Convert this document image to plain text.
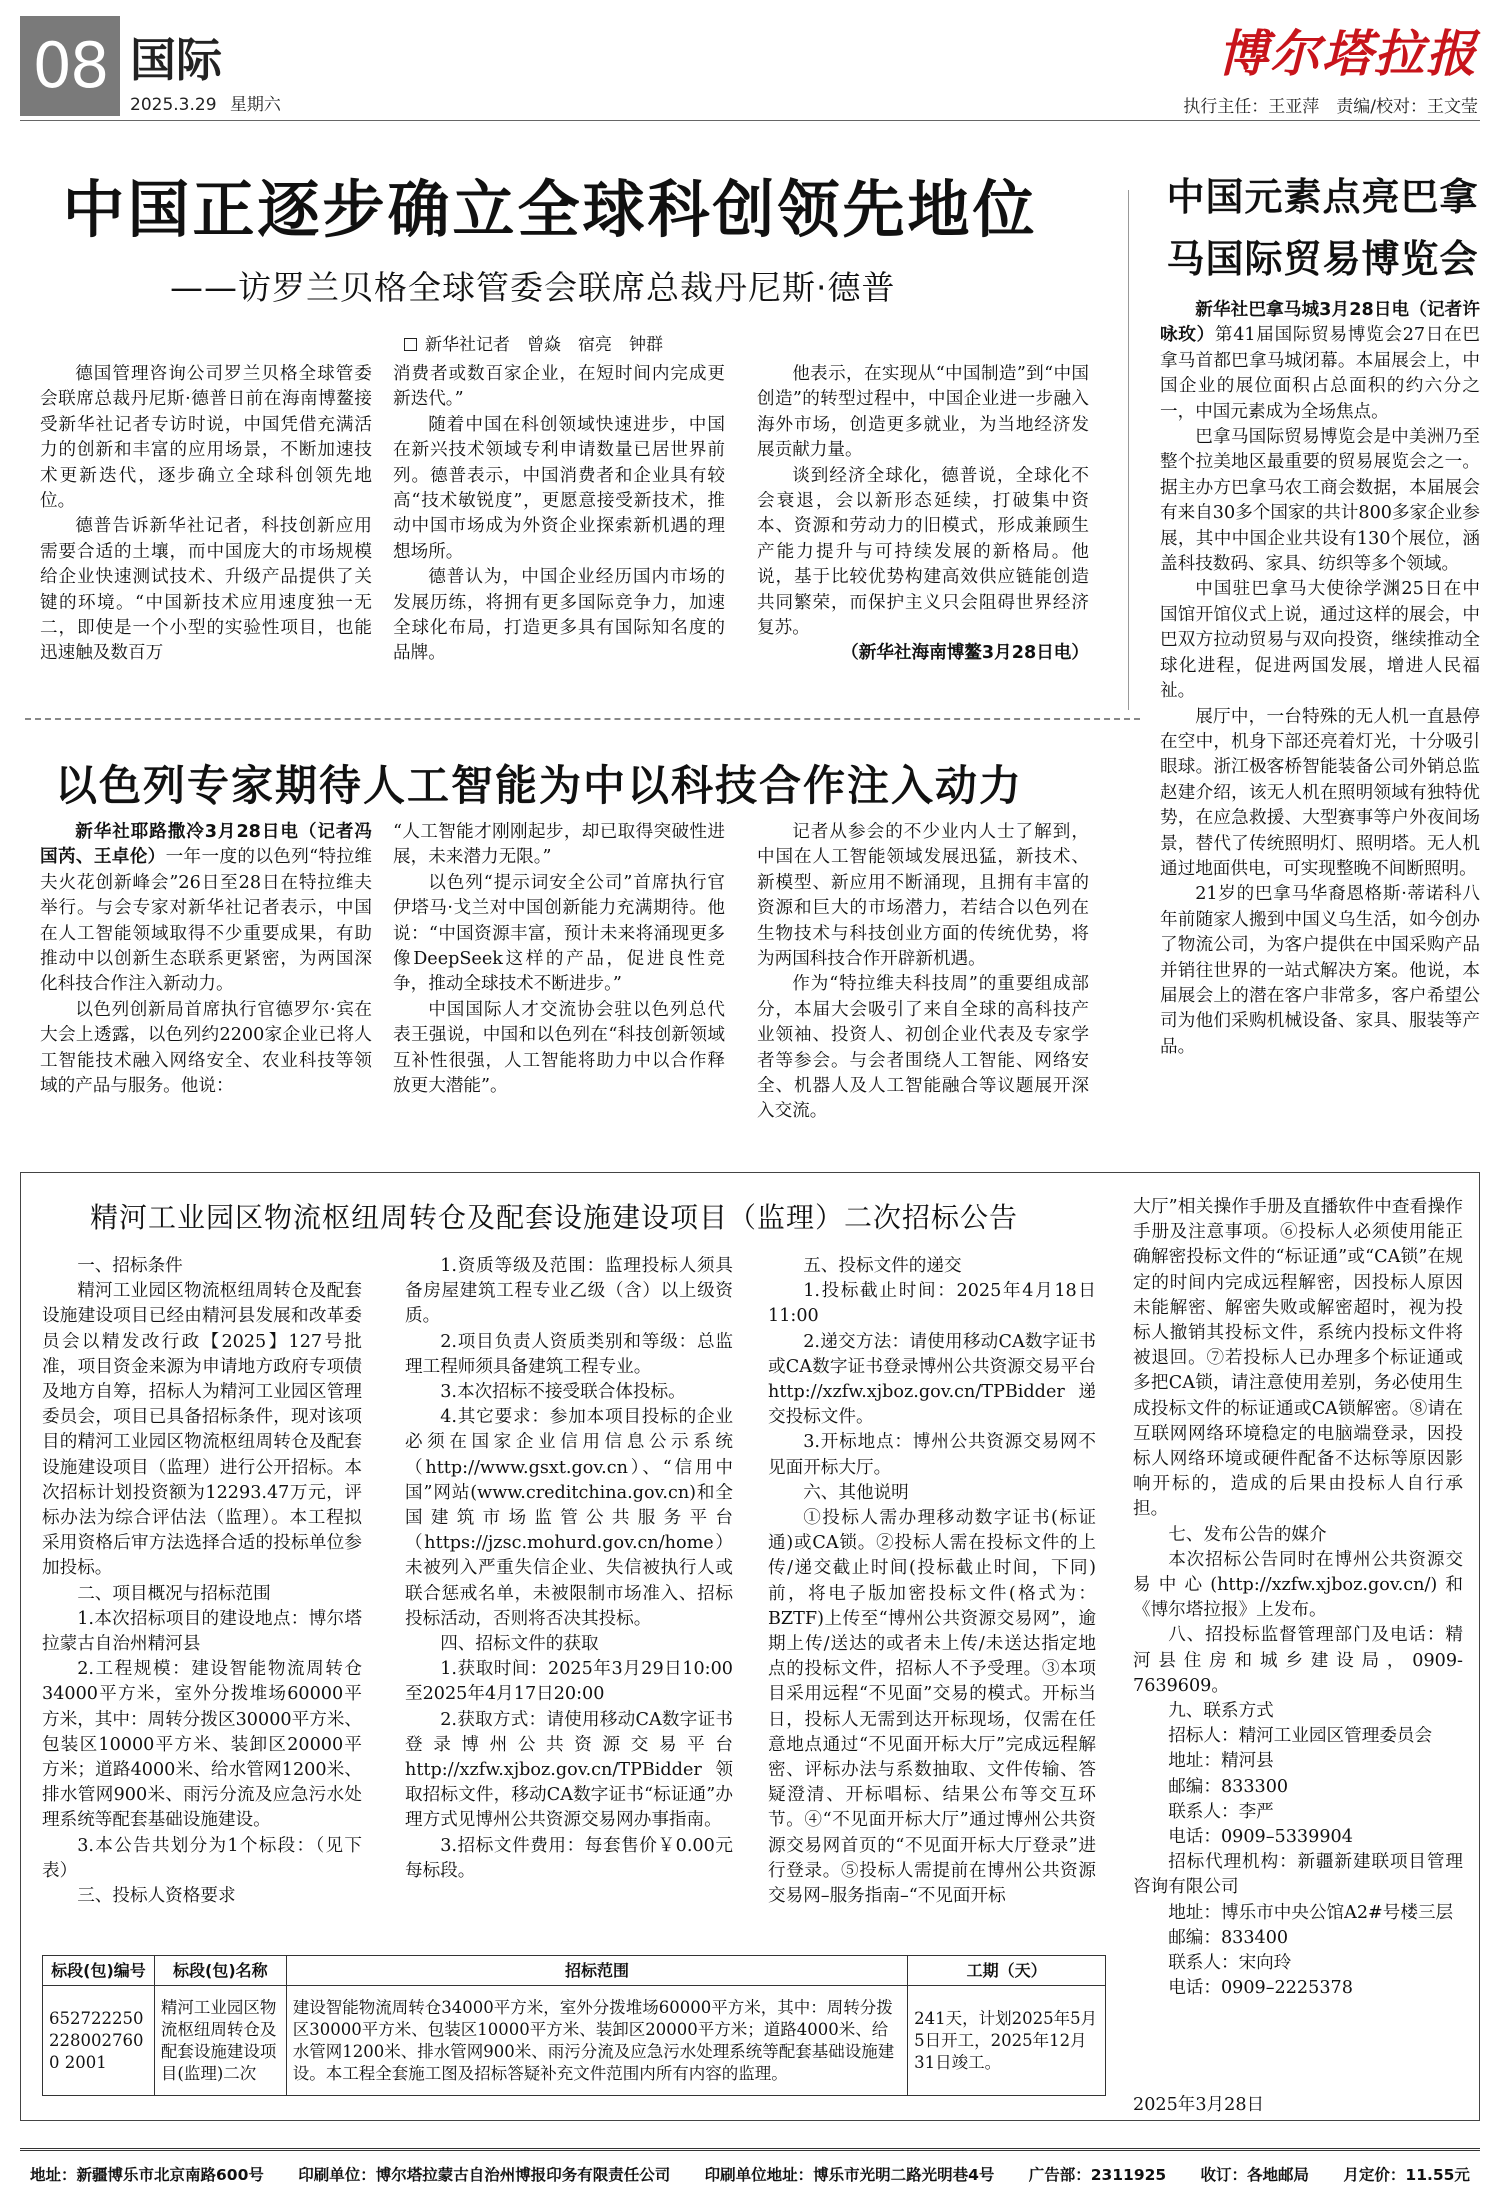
08 国际
2025.3.29 星期六
博尔塔拉报
执行主任：王亚萍　责编/校对：王文莹
中国正逐步确立全球科创领先地位
——访罗兰贝格全球管委会联席总裁丹尼斯·德普
新华社记者　曾焱　宿亮　钟群

德国管理咨询公司罗兰贝格全球管委会联席总裁丹尼斯·德普日前在海南博鳌接受新华社记者专访时说，中国凭借充满活力的创新和丰富的应用场景，不断加速技术更新迭代，逐步确立全球科创领先地位。

德普告诉新华社记者，科技创新应用需要合适的土壤，而中国庞大的市场规模给企业快速测试技术、升级产品提供了关键的环境。“中国新技术应用速度独一无二，即使是一个小型的实验性项目，也能迅速触及数百万

消费者或数百家企业，在短时间内完成更新迭代。”

随着中国在科创领域快速进步，中国在新兴技术领域专利申请数量已居世界前列。德普表示，中国消费者和企业具有较高“技术敏锐度”，更愿意接受新技术，推动中国市场成为外资企业探索新机遇的理想场所。

德普认为，中国企业经历国内市场的发展历练，将拥有更多国际竞争力，加速全球化布局，打造更多具有国际知名度的品牌。

他表示，在实现从“中国制造”到“中国创造”的转型过程中，中国企业进一步融入海外市场，创造更多就业，为当地经济发展贡献力量。

谈到经济全球化，德普说，全球化不会衰退，会以新形态延续，打破集中资本、资源和劳动力的旧模式，形成兼顾生产能力提升与可持续发展的新格局。他说，基于比较优势构建高效供应链能创造共同繁荣，而保护主义只会阻碍世界经济复苏。

（新华社海南博鳌3月28日电）

以色列专家期待人工智能为中以科技合作注入动力

新华社耶路撒冷3月28日电（记者冯国芮、王卓伦）一年一度的以色列“特拉维夫火花创新峰会”26日至28日在特拉维夫举行。与会专家对新华社记者表示，中国在人工智能领域取得不少重要成果，有助推动中以创新生态联系更紧密，为两国深化科技合作注入新动力。

以色列创新局首席执行官德罗尔·宾在大会上透露，以色列约2200家企业已将人工智能技术融入网络安全、农业科技等领域的产品与服务。他说：

“人工智能才刚刚起步，却已取得突破性进展，未来潜力无限。”

以色列“提示词安全公司”首席执行官伊塔马·戈兰对中国创新能力充满期待。他说：“中国资源丰富，预计未来将涌现更多像DeepSeek这样的产品，促进良性竞争，推动全球技术不断进步。”

中国国际人才交流协会驻以色列总代表王强说，中国和以色列在“科技创新领域互补性很强，人工智能将助力中以合作释放更大潜能”。

记者从参会的不少业内人士了解到，中国在人工智能领域发展迅猛，新技术、新模型、新应用不断涌现，且拥有丰富的资源和巨大的市场潜力，若结合以色列在生物技术与科技创业方面的传统优势，将为两国科技合作开辟新机遇。

作为“特拉维夫科技周”的重要组成部分，本届大会吸引了来自全球的高科技产业领袖、投资人、初创企业代表及专家学者等参会。与会者围绕人工智能、网络安全、机器人及人工智能融合等议题展开深入交流。

中国元素点亮巴拿马国际贸易博览会

新华社巴拿马城3月28日电（记者许咏玫）第41届国际贸易博览会27日在巴拿马首都巴拿马城闭幕。本届展会上，中国企业的展位面积占总面积的约六分之一，中国元素成为全场焦点。

巴拿马国际贸易博览会是中美洲乃至整个拉美地区最重要的贸易展览会之一。据主办方巴拿马农工商会数据，本届展会有来自30多个国家的共计800多家企业参展，其中中国企业共设有130个展位，涵盖科技数码、家具、纺织等多个领域。

中国驻巴拿马大使徐学渊25日在中国馆开馆仪式上说，通过这样的展会，中巴双方拉动贸易与双向投资，继续推动全球化进程，促进两国发展，增进人民福祉。

展厅中，一台特殊的无人机一直悬停在空中，机身下部还亮着灯光，十分吸引眼球。浙江极客桥智能装备公司外销总监赵建介绍，该无人机在照明领域有独特优势，在应急救援、大型赛事等户外夜间场景，替代了传统照明灯、照明塔。无人机通过地面供电，可实现整晚不间断照明。

21岁的巴拿马华裔恩格斯·蒂诺科八年前随家人搬到中国义乌生活，如今创办了物流公司，为客户提供在中国采购产品并销往世界的一站式解决方案。他说，本届展会上的潜在客户非常多，客户希望公司为他们采购机械设备、家具、服装等产品。

精河工业园区物流枢纽周转仓及配套设施建设项目（监理）二次招标公告

一、招标条件

精河工业园区物流枢纽周转仓及配套设施建设项目已经由精河县发展和改革委员会以精发改行政【2025】127号批准，项目资金来源为申请地方政府专项债及地方自筹，招标人为精河工业园区管理委员会，项目已具备招标条件，现对该项目的精河工业园区物流枢纽周转仓及配套设施建设项目（监理）进行公开招标。本次招标计划投资额为12293.47万元，评标办法为综合评估法（监理）。本工程拟采用资格后审方法选择合适的投标单位参加投标。

二、项目概况与招标范围

1.本次招标项目的建设地点：博尔塔拉蒙古自治州精河县

2.工程规模：建设智能物流周转仓34000平方米，室外分拨堆场60000平方米，其中：周转分拨区30000平方米、包装区10000平方米、装卸区20000平方米；道路4000米、给水管网1200米、排水管网900米、雨污分流及应急污水处理系统等配套基础设施建设。

3.本公告共划分为1个标段：（见下表）

三、投标人资格要求

1.资质等级及范围：监理投标人须具备房屋建筑工程专业乙级（含）以上级资质。

2.项目负责人资质类别和等级：总监理工程师须具备建筑工程专业。

3.本次招标不接受联合体投标。

4.其它要求：参加本项目投标的企业必须在国家企业信用信息公示系统（http://www.gsxt.gov.cn）、“信用中国”网站(www.creditchina.gov.cn)和全国建筑市场监管公共服务平台（https://jzsc.mohurd.gov.cn/home）未被列入严重失信企业、失信被执行人或联合惩戒名单，未被限制市场准入、招标投标活动，否则将否决其投标。

四、招标文件的获取

1.获取时间：2025年3月29日10:00至2025年4月17日20:00

2.获取方式：请使用移动CA数字证书登录博州公共资源交易平台http://xzfw.xjboz.gov.cn/TPBidder领取招标文件，移动CA数字证书“标证通”办理方式见博州公共资源交易网办事指南。

3.招标文件费用：每套售价￥0.00元每标段。

五、投标文件的递交

1.投标截止时间：2025年4月18日11:00

2.递交方法：请使用移动CA数字证书或CA数字证书登录博州公共资源交易平台http://xzfw.xjboz.gov.cn/TPBidder递交投标文件。

3.开标地点：博州公共资源交易网不见面开标大厅。

六、其他说明

①投标人需办理移动数字证书(标证通)或CA锁。②投标人需在投标文件的上传/递交截止时间(投标截止时间，下同)前，将电子版加密投标文件(格式为：BZTF)上传至“博州公共资源交易网”，逾期上传/送达的或者未上传/未送达指定地点的投标文件，招标人不予受理。③本项目采用远程“不见面”交易的模式。开标当日，投标人无需到达开标现场，仅需在任意地点通过“不见面开标大厅”完成远程解密、评标办法与系数抽取、文件传输、答疑澄清、开标唱标、结果公布等交互环节。④“不见面开标大厅”通过博州公共资源交易网首页的“不见面开标大厅登录”进行登录。⑤投标人需提前在博州公共资源交易网–服务指南–“不见面开标

大厅”相关操作手册及直播软件中查看操作手册及注意事项。⑥投标人必须使用能正确解密投标文件的“标证通”或“CA锁”在规定的时间内完成远程解密，因投标人原因未能解密、解密失败或解密超时，视为投标人撤销其投标文件，系统内投标文件将被退回。⑦若投标人已办理多个标证通或多把CA锁，请注意使用差别，务必使用生成投标文件的标证通或CA锁解密。⑧请在互联网网络环境稳定的电脑端登录，因投标人网络环境或硬件配备不达标等原因影响开标的，造成的后果由投标人自行承担。

七、发布公告的媒介

本次招标公告同时在博州公共资源交易中心(http://xzfw.xjboz.gov.cn/)和《博尔塔拉报》上发布。

八、招投标监督管理部门及电话：精河县住房和城乡建设局，0909-7639609。

九、联系方式

招标人：精河工业园区管理委员会

地址：精河县

邮编：833300

联系人：李严

电话：0909–5339904

招标代理机构：新疆新建联项目管理咨询有限公司

地址：博乐市中央公馆A2#号楼三层

邮编：833400

联系人：宋向玲

电话：0909–2225378

2025年3月28日
标段(包)编号	标段(包)名称	招标范围	工期（天）
6527222502280027600 2001	精河工业园区物流枢纽周转仓及配套设施建设项目(监理)二次	建设智能物流周转仓34000平方米，室外分拨堆场60000平方米，其中：周转分拨区30000平方米、包装区10000平方米、装卸区20000平方米；道路4000米、给水管网1200米、排水管网900米、雨污分流及应急污水处理系统等配套基础设施建设。本工程全套施工图及招标答疑补充文件范围内所有内容的监理。	241天，计划2025年5月5日开工，2025年12月31日竣工。
地址：新疆博乐市北京南路600号 印刷单位：博尔塔拉蒙古自治州博报印务有限责任公司 印刷单位地址：博乐市光明二路光明巷4号 广告部：2311925 收订：各地邮局 月定价：11.55元
